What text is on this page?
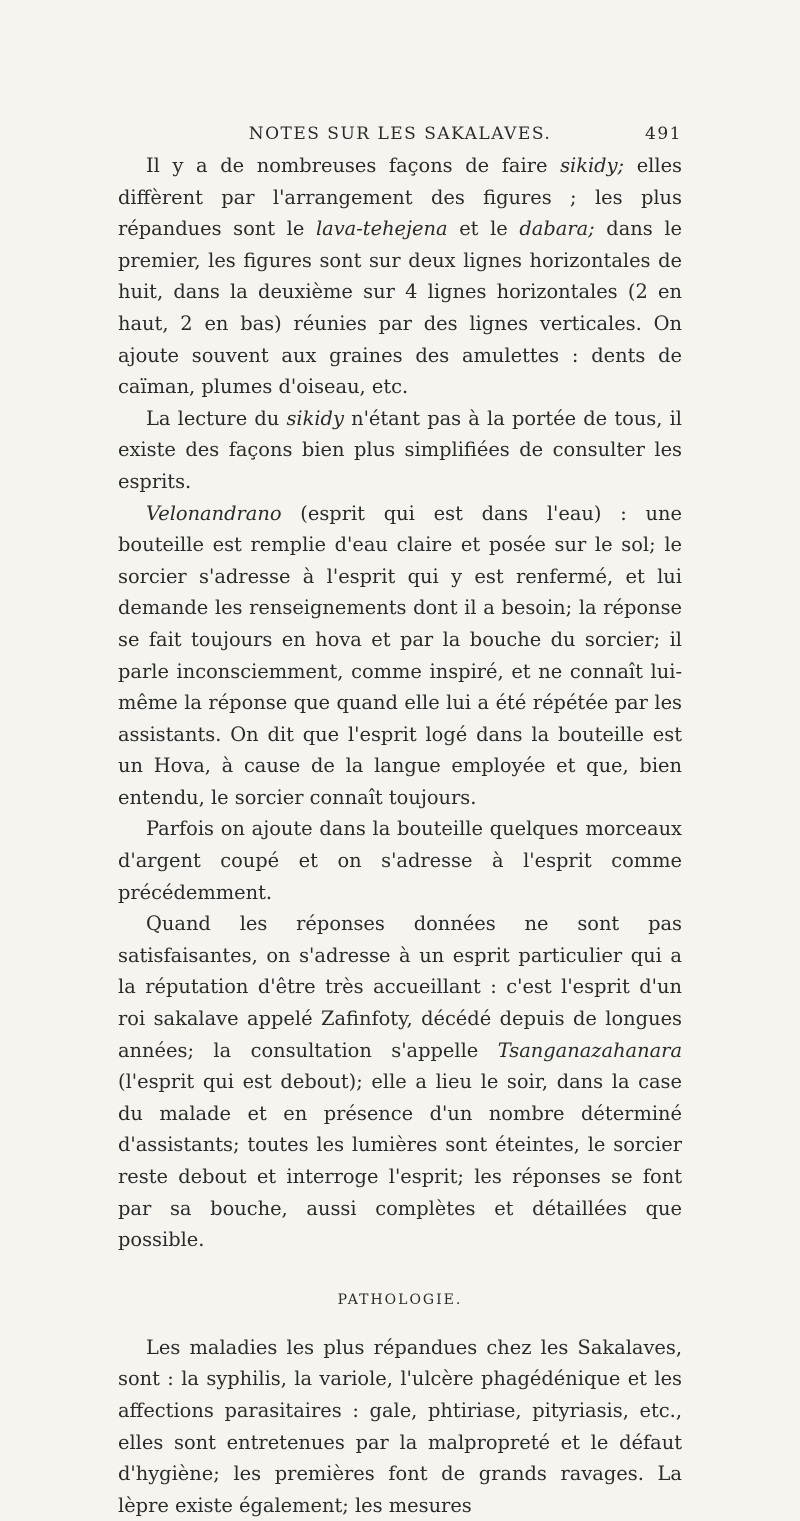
NOTES SUR LES SAKALAVES.	491

Il y a de nombreuses façons de faire sikidy; elles diffèrent par l'arrangement des figures ; les plus répandues sont le lava-tehejena et le dabara; dans le premier, les figures sont sur deux lignes horizontales de huit, dans la deuxième sur 4 lignes horizontales (2 en haut, 2 en bas) réunies par des lignes verticales. On ajoute souvent aux graines des amulettes : dents de caïman, plumes d'oiseau, etc.

La lecture du sikidy n'étant pas à la portée de tous, il existe des façons bien plus simplifiées de consulter les esprits.

Velonandrano (esprit qui est dans l'eau) : une bouteille est remplie d'eau claire et posée sur le sol; le sorcier s'adresse à l'esprit qui y est renfermé, et lui demande les renseignements dont il a besoin; la réponse se fait toujours en hova et par la bouche du sorcier; il parle inconsciemment, comme inspiré, et ne connaît lui-même la réponse que quand elle lui a été répétée par les assistants. On dit que l'esprit logé dans la bouteille est un Hova, à cause de la langue employée et que, bien entendu, le sorcier connaît toujours.

Parfois on ajoute dans la bouteille quelques morceaux d'argent coupé et on s'adresse à l'esprit comme précédemment.

Quand les réponses données ne sont pas satisfaisantes, on s'adresse à un esprit particulier qui a la réputation d'être très accueillant : c'est l'esprit d'un roi sakalave appelé Zafinfoty, décédé depuis de longues années; la consultation s'appelle Tsanganazahanara (l'esprit qui est debout); elle a lieu le soir, dans la case du malade et en présence d'un nombre déterminé d'assistants; toutes les lumières sont éteintes, le sorcier reste debout et interroge l'esprit; les réponses se font par sa bouche, aussi complètes et détaillées que possible.

PATHOLOGIE.

Les maladies les plus répandues chez les Sakalaves, sont : la syphilis, la variole, l'ulcère phagédénique et les affections parasitaires : gale, phtiriase, pityriasis, etc., elles sont entretenues par la malpropreté et le défaut d'hygiène; les premières font de grands ravages. La lèpre existe également; les mesures
